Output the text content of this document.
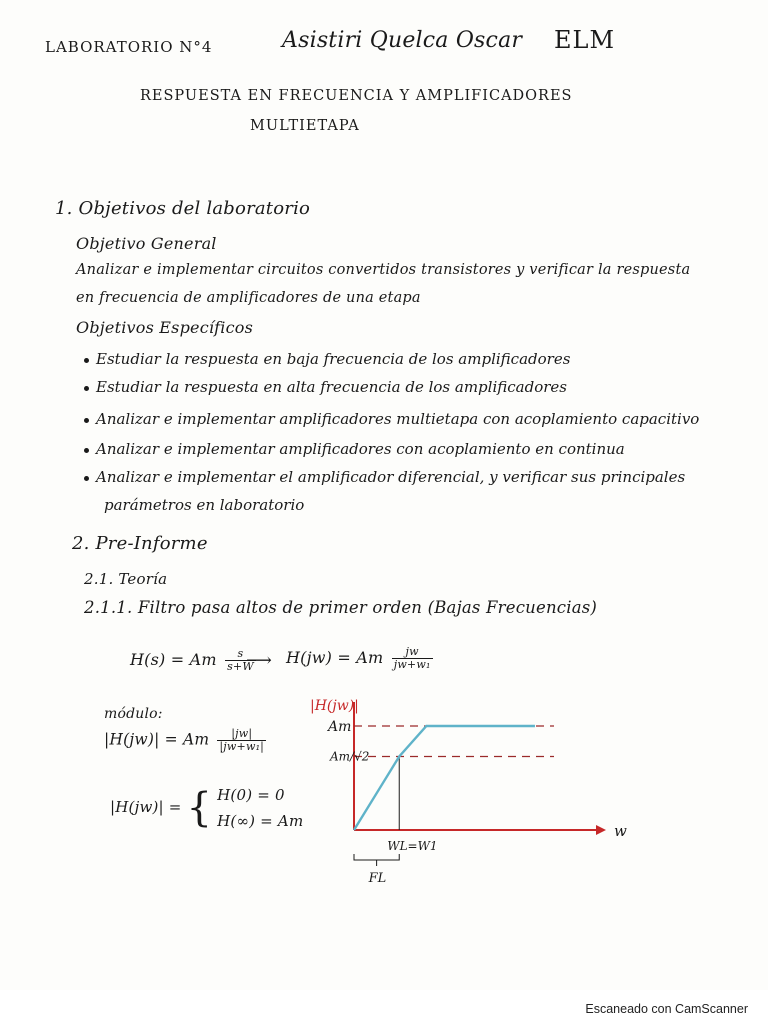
LABORATORIO N°4	Asistiri Quelca Oscar ELM
RESPUESTA EN FRECUENCIA Y AMPLIFICADORES
MULTIETAPA
1. Objetivos del laboratorio
Objetivo General
Analizar e implementar circuitos convertidos transistores y verificar la respuesta
en frecuencia de amplificadores de una etapa
Objetivos Específicos
Estudiar la respuesta en baja frecuencia de los amplificadores
Estudiar la respuesta en alta frecuencia de los amplificadores
Analizar e implementar amplificadores multietapa con acoplamiento capacitivo
Analizar e implementar amplificadores con acoplamiento en continua
Analizar e implementar el amplificador diferencial, y verificar sus principales
parámetros en laboratorio
2. Pre-Informe
2.1. Teoría
2.1.1. Filtro pasa altos de primer orden (Bajas Frecuencias)
H(s) = Am $\frac{s}{s+W}$
⟶ H(jw) = Am $\frac{jw}{\text{jw+w₁}}$
módulo:
|H(jw)| = Am $\frac{|jw|}{\text{|jw+w₁|}}$
|H(jw)| = { H(0) = 0
H(∞) = Am
|H(jw)|
w
Am
Am/√2
WL=W1
FL
Escaneado con CamScanner
